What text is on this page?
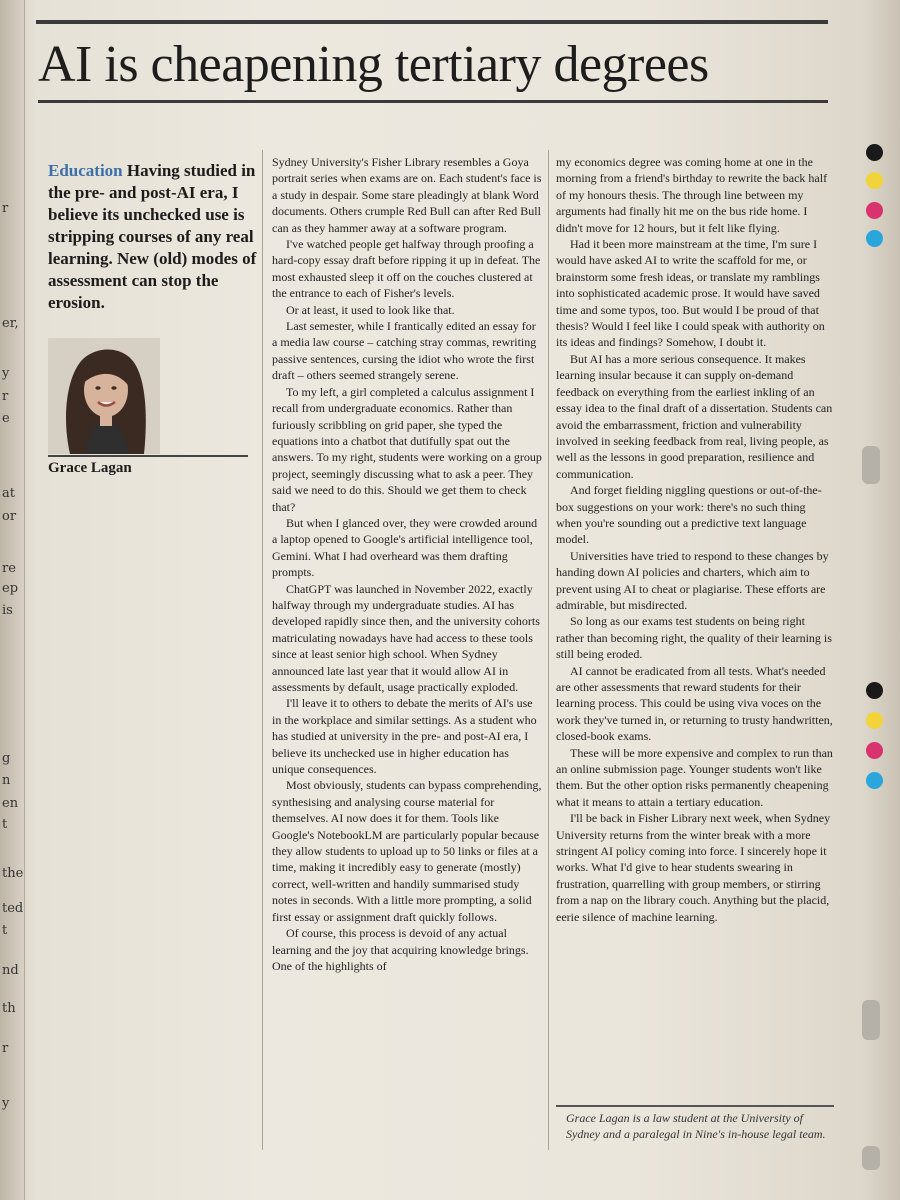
r
er,
y
r
e
at
or
re
ep
is
g
n
en
t
the
ted
t
nd
th
r
y
AI is cheapening tertiary degrees
Education Having studied in the pre- and post-AI era, I believe its unchecked use is stripping courses of any real learning. New (old) modes of assessment can stop the erosion.
Grace Lagan

Sydney University's Fisher Library resembles a Goya portrait series when exams are on. Each student's face is a study in despair. Some stare pleadingly at blank Word documents. Others crumple Red Bull can after Red Bull can as they hammer away at a software program.

I've watched people get halfway through proofing a hard-copy essay draft before ripping it up in defeat. The most exhausted sleep it off on the couches clustered at the entrance to each of Fisher's levels.

Or at least, it used to look like that.

Last semester, while I frantically edited an essay for a media law course – catching stray commas, rewriting passive sentences, cursing the idiot who wrote the first draft – others seemed strangely serene.

To my left, a girl completed a calculus assignment I recall from undergraduate economics. Rather than furiously scribbling on grid paper, she typed the equations into a chatbot that dutifully spat out the answers. To my right, students were working on a group project, seemingly discussing what to ask a peer. They said we need to do this. Should we get them to check that?

But when I glanced over, they were crowded around a laptop opened to Google's artificial intelligence tool, Gemini. What I had overheard was them drafting prompts.

ChatGPT was launched in November 2022, exactly halfway through my undergraduate studies. AI has developed rapidly since then, and the university cohorts matriculating nowadays have had access to these tools since at least senior high school. When Sydney announced late last year that it would allow AI in assessments by default, usage practically exploded.

I'll leave it to others to debate the merits of AI's use in the workplace and similar settings. As a student who has studied at university in the pre- and post-AI era, I believe its unchecked use in higher education has unique consequences.

Most obviously, students can bypass comprehending, synthesising and analysing course material for themselves. AI now does it for them. Tools like Google's NotebookLM are particularly popular because they allow students to upload up to 50 links or files at a time, making it incredibly easy to generate (mostly) correct, well-written and handily summarised study notes in seconds. With a little more prompting, a solid first essay or assignment draft quickly follows.

Of course, this process is devoid of any actual learning and the joy that acquiring knowledge brings. One of the highlights of

my economics degree was coming home at one in the morning from a friend's birthday to rewrite the back half of my honours thesis. The through line between my arguments had finally hit me on the bus ride home. I didn't move for 12 hours, but it felt like flying.

Had it been more mainstream at the time, I'm sure I would have asked AI to write the scaffold for me, or brainstorm some fresh ideas, or translate my ramblings into sophisticated academic prose. It would have saved time and some typos, too. But would I be proud of that thesis? Would I feel like I could speak with authority on its ideas and findings? Somehow, I doubt it.

But AI has a more serious consequence. It makes learning insular because it can supply on-demand feedback on everything from the earliest inkling of an essay idea to the final draft of a dissertation. Students can avoid the embarrassment, friction and vulnerability involved in seeking feedback from real, living people, as well as the lessons in good preparation, resilience and communication.

And forget fielding niggling questions or out-of-the-box suggestions on your work: there's no such thing when you're sounding out a predictive text language model.

Universities have tried to respond to these changes by handing down AI policies and charters, which aim to prevent using AI to cheat or plagiarise. These efforts are admirable, but misdirected.

So long as our exams test students on being right rather than becoming right, the quality of their learning is still being eroded.

AI cannot be eradicated from all tests. What's needed are other assessments that reward students for their learning process. This could be using viva voces on the work they've turned in, or returning to trusty handwritten, closed-book exams.

These will be more expensive and complex to run than an online submission page. Younger students won't like them. But the other option risks permanently cheapening what it means to attain a tertiary education.

I'll be back in Fisher Library next week, when Sydney University returns from the winter break with a more stringent AI policy coming into force. I sincerely hope it works. What I'd give to hear students swearing in frustration, quarrelling with group members, or stirring from a nap on the library couch. Anything but the placid, eerie silence of machine learning.

Grace Lagan is a law student at the University of Sydney and a paralegal in Nine's in-house legal team.
